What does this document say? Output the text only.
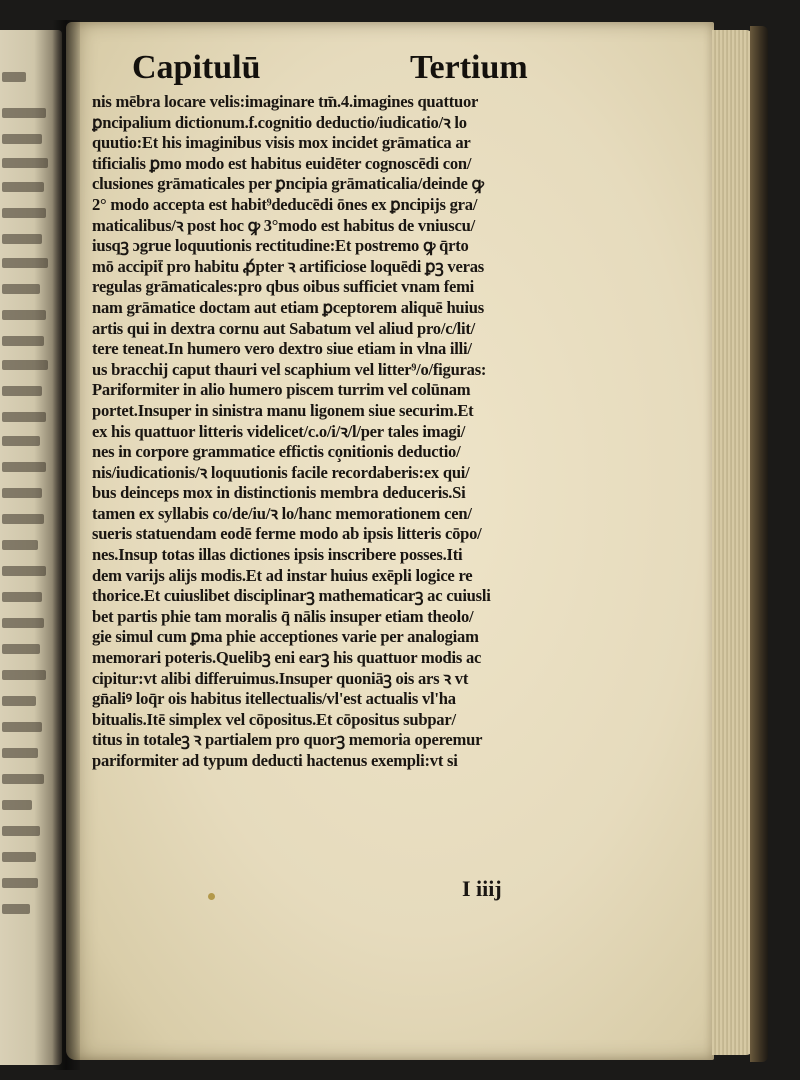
Capitulū	Tertium
nis mēbra locare velis:imaginare tm̄.4.imagines quattuor
ꝑncipalium dictionum.f.cognitio deductio/iudicatio/ꝛ lo
quutio:Et his imaginibus visis mox incidet grāmatica ar
tificialis ꝑmo modo est habitus euidēter cognoscēdi con/
clusiones grāmaticales per ꝑncipia grāmaticalia/deinde ꝙ
2° modo accepta est habit⁹deducēdi ōnes ex ꝑncipijs gra/
maticalibus/ꝛ post hoc ꝙ 3°modo est habitus de vniuscu/
iusqꝫ ɔgrue loquutionis rectitudine:Et postremo ꝙ q̄rto
mō accipit̄ pro habitu ꝓ́pter ꝛ artificiose loquēdi ꝑꝫ veras
regulas grāmaticales:pro qbus oibus sufficiet vnam femi
nam grāmatice doctam aut etiam ꝑceptorem aliquē huius
artis qui in dextra cornu aut Sabatum vel aliud pro/c/lit/
tere teneat.In humero vero dextro siue etiam in vlna illi/
us bracchij caput thauri vel scaphium vel litter⁹/o/figuras:
Pariformiter in alio humero piscem turrim vel colūnam
portet.Insuper in sinistra manu ligonem siue securim.Et
ex his quattuor litteris videlicet/c.o/i/ꝛ/l/per tales imagi/
nes in corpore grammatice effictis co̧nitionis deductio/
nis/iudicationis/ꝛ loquutionis facile recordaberis:ex qui/
bus deinceps mox in distinctionis membra deduceris.Si
tamen ex syllabis co/de/iu/ꝛ lo/hanc memorationem cen/
sueris statuendam eodē ferme modo ab ipsis litteris cōpo/
nes.Insup totas illas dictiones ipsis inscribere posses.Iti
dem varijs alijs modis.Et ad instar huius exēpli logice re
thorice.Et cuiuslibet disciplinarꝫ mathematicarꝫ ac cuiusli
bet partis phie tam moralis q̄ nālis insuper etiam theolo/
gie simul cum ꝑma phie acceptiones varie per analogiam
memorari poteris.Quelibꝫ eni earꝫ his quattuor modis ac
cipitur:vt alibi differuimus.Insuper quoniāꝫ ois ars ꝛ vt
gn̄aliꝰ loq̄r ois habitus itellectualis/vl'est actualis vl'ha
bitualis.Itē simplex vel cōpositus.Et cōpositus subpar/
titus in totaleꝫ ꝛ partialem pro quorꝫ memoria operemur
pariformiter ad typum deducti hactenus exempli:vt si
I iiij
